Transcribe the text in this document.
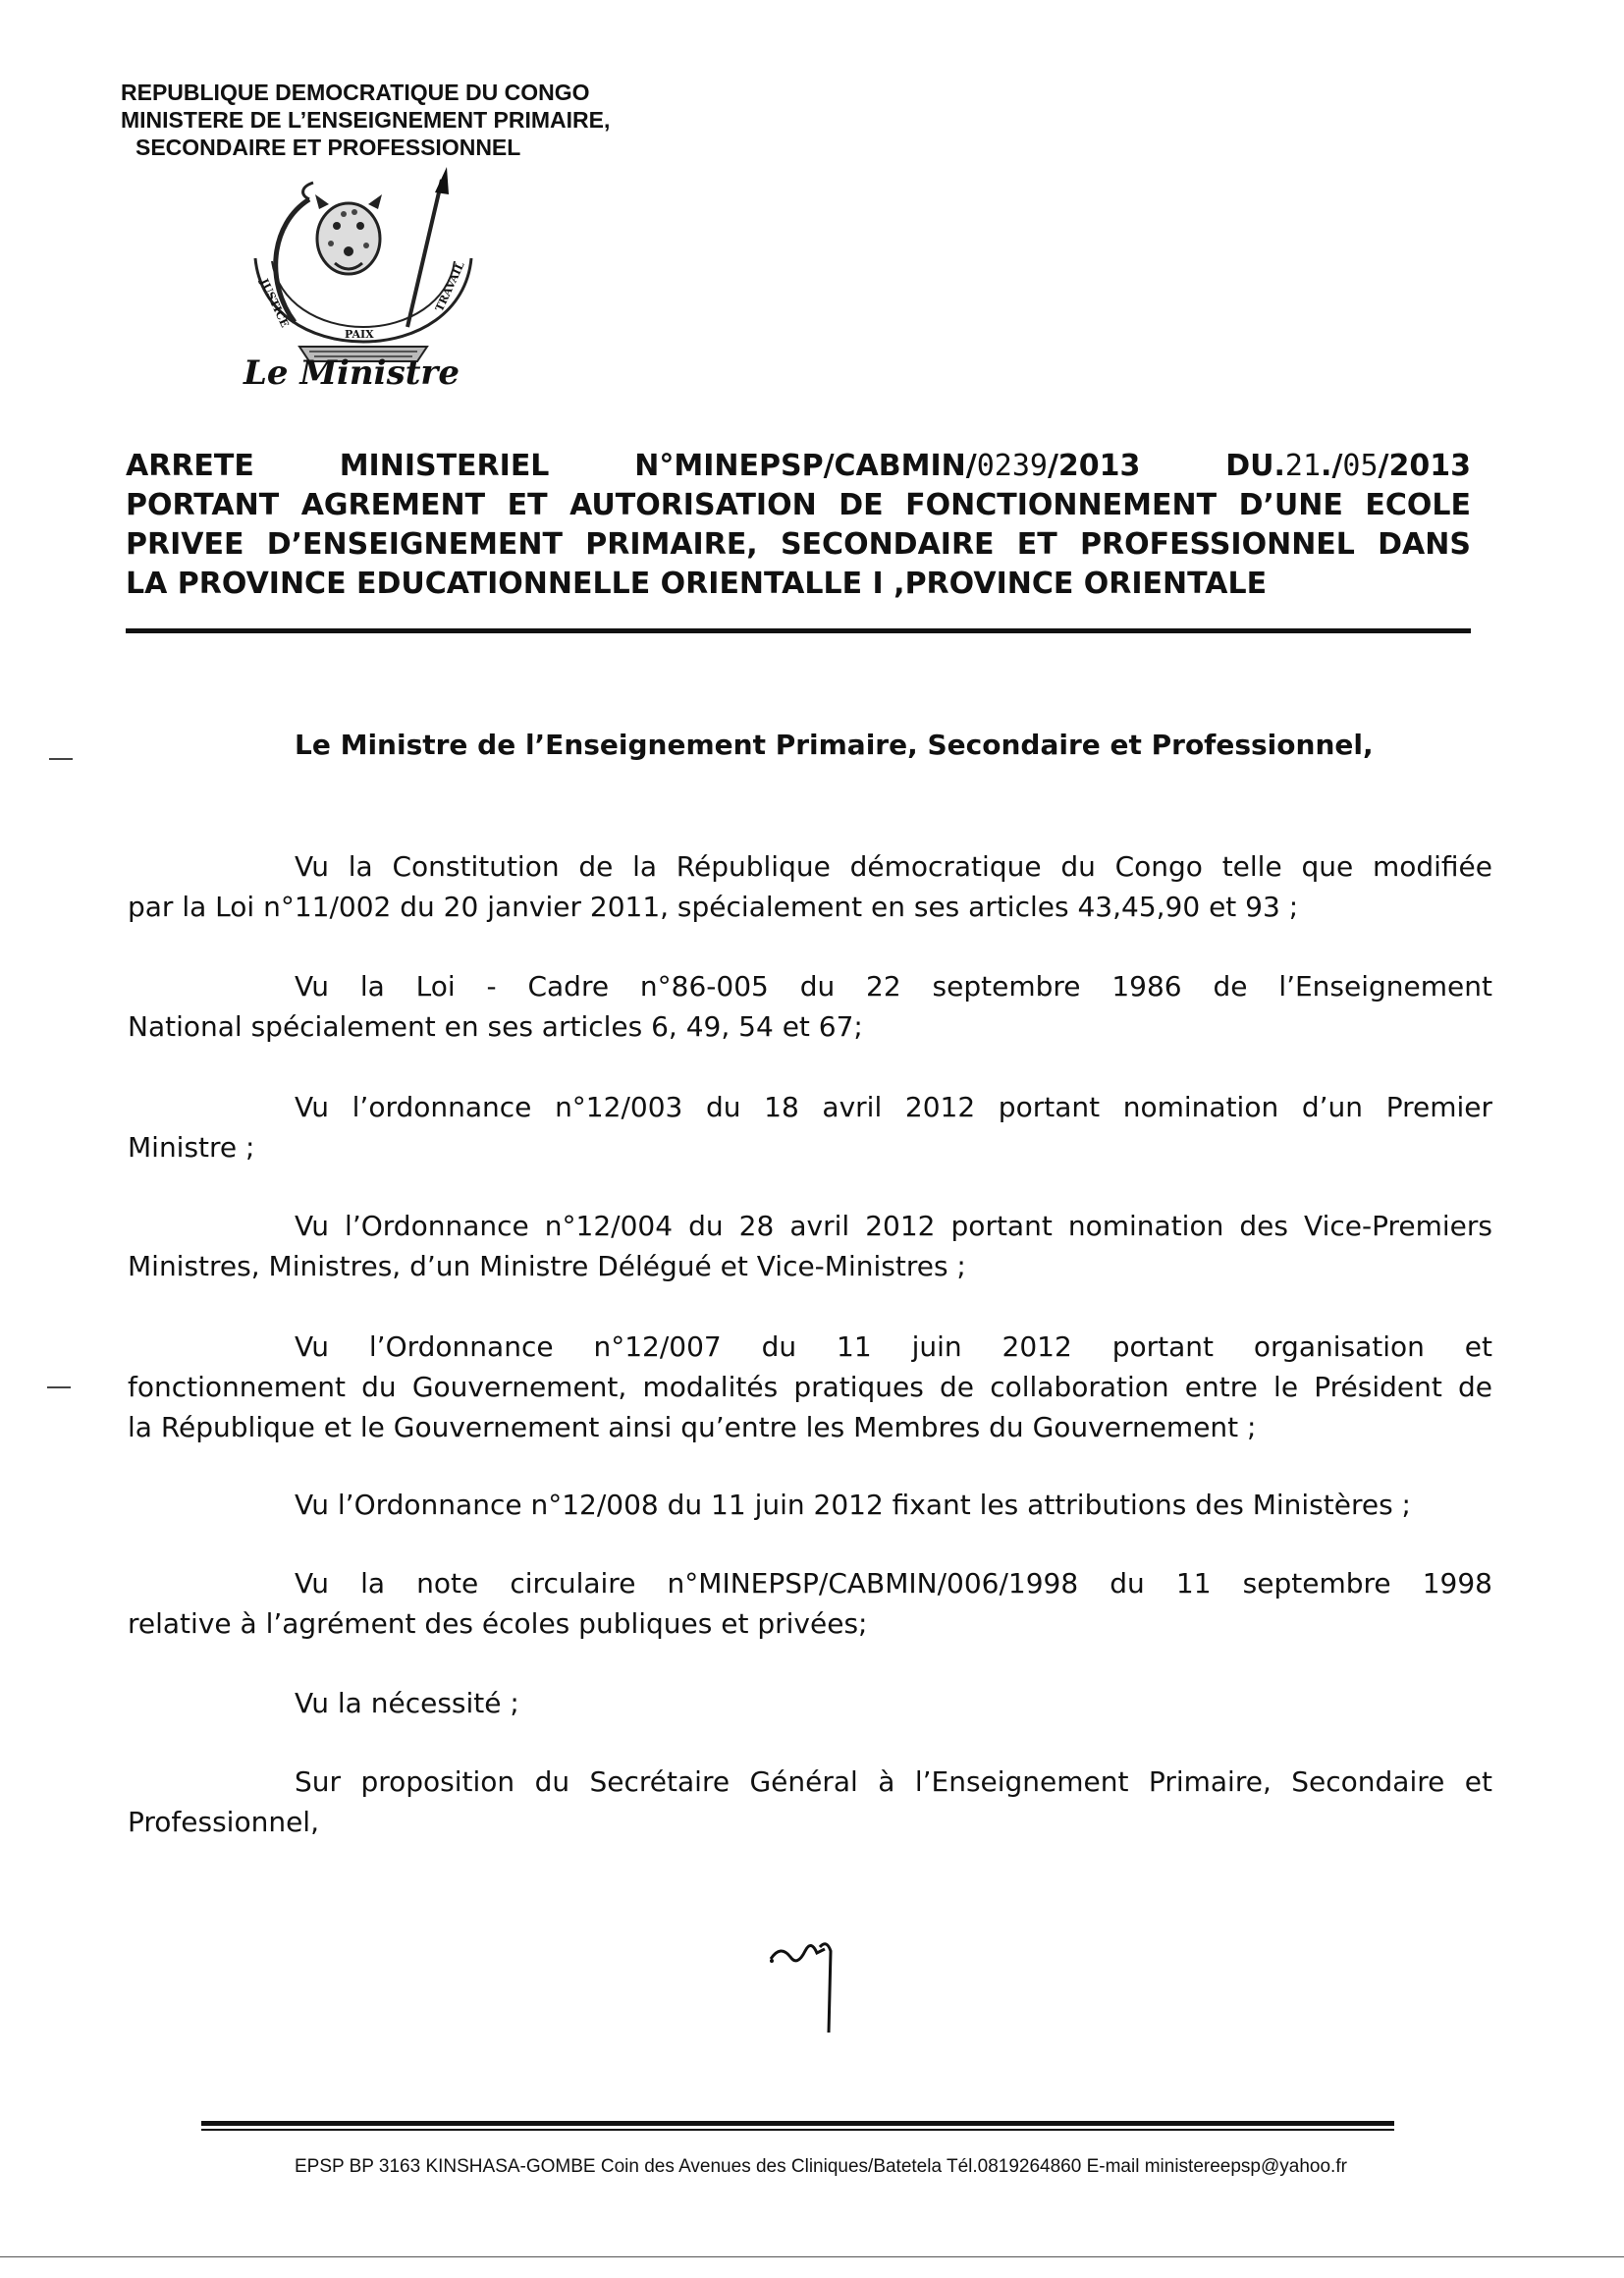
REPUBLIQUE DEMOCRATIQUE DU CONGO
MINISTERE DE L’ENSEIGNEMENT PRIMAIRE,
SECONDAIRE ET PROFESSIONNEL
JUSTICE
PAIX
TRAVAIL
Le Ministre
ARRETE	MINISTERIEL	N°MINEPSP/CABMIN/0239/2013	DU.21./05/2013
PORTANT AGREMENT ET AUTORISATION DE FONCTIONNEMENT D’UNE ECOLE
PRIVEE D’ENSEIGNEMENT PRIMAIRE, SECONDAIRE ET PROFESSIONNEL DANS
LA PROVINCE EDUCATIONNELLE ORIENTALLE I ,PROVINCE ORIENTALE
Le Ministre de l’Enseignement Primaire, Secondaire et Professionnel,
Vu la Constitution de la République démocratique du Congo telle que modifiée
par la Loi n°11/002 du 20 janvier 2011, spécialement en ses articles 43,45,90 et 93 ;
Vu la Loi - Cadre n°86-005 du 22 septembre 1986 de l’Enseignement
National spécialement en ses articles 6, 49, 54 et 67;
Vu l’ordonnance n°12/003 du 18 avril 2012 portant nomination d’un Premier
Ministre ;
Vu l’Ordonnance n°12/004 du 28 avril 2012 portant nomination des Vice-Premiers
Ministres, Ministres, d’un Ministre Délégué et Vice-Ministres ;
Vu l’Ordonnance n°12/007 du 11 juin 2012 portant organisation et
fonctionnement du Gouvernement, modalités pratiques de collaboration entre le Président de
la République et le Gouvernement ainsi qu’entre les Membres du Gouvernement ;
Vu l’Ordonnance n°12/008 du 11 juin 2012 fixant les attributions des Ministères ;
Vu la note circulaire n°MINEPSP/CABMIN/006/1998 du 11 septembre 1998
relative à l’agrément des écoles publiques et privées;
Vu la nécessité ;
Sur proposition du Secrétaire Général à l’Enseignement Primaire, Secondaire et
Professionnel,
EPSP BP 3163 KINSHASA-GOMBE Coin des Avenues des Cliniques/Batetela Tél.0819264860 E-mail ministereepsp@yahoo.fr
